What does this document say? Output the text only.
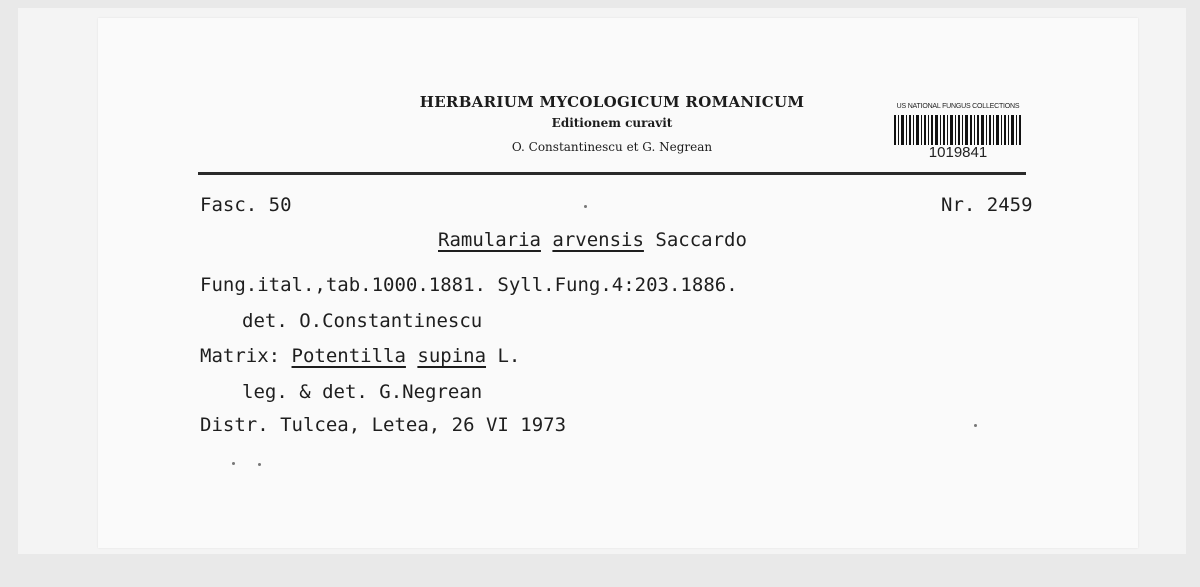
HERBARIUM MYCOLOGICUM ROMANICUM
Editionem curavit
O. Constantinescu et G. Negrean
US NATIONAL FUNGUS COLLECTIONS
1019841
Fasc. 50	Nr. 2459
Ramularia arvensis Saccardo
Fung.ital.,tab.1000.1881. Syll.Fung.4:203.1886.
det. O.Constantinescu
Matrix: Potentilla supina L.
leg. & det. G.Negrean
Distr. Tulcea, Letea, 26 VI 1973
